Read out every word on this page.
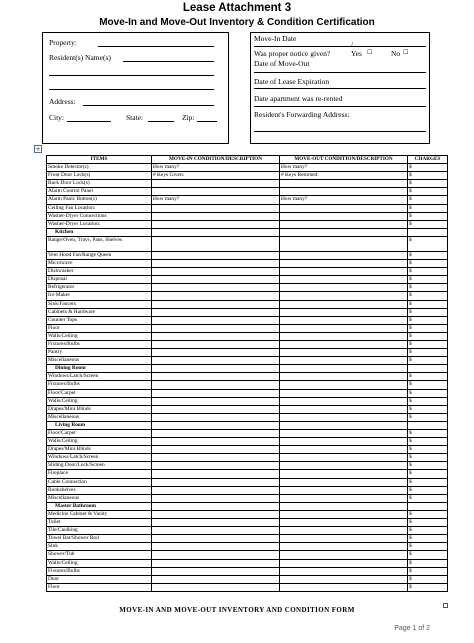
Lease Attachment 3
Move-In and Move-Out Inventory & Condition Certification
Property:
Resident(s) Name(s)
Address:
City:	State:	Zip:
Move-In Date
/
Was proper notice given?	Yes ☐ No ☐
Date of Move-Out
Date of Lease Expiration
Date apartment was re-rented
Resident's Forwarding Address:
+
ITEMS	MOVE-IN CONDITION/DESCRIPTION	MOVE-OUT CONDITION/DESCRIPTION	CHARGES
Smoke Detector(s)	How many?	How many?	$
Front Door Lock(s)	# Keys Given:	# Keys Returned:	$
Back Door Lock(s)			$
Alarm Control Panel			$
Alarm Panic Button(s)	How many?	How many?	$
Ceiling Fan Location:			$
Washer-Dryer Connections			$
Washer-Dryer Location:			$
Kitchen			
Range/Oven, Trays, Pans, Shelves			$
Vent Hood Fan/Range Queen			$
Microwave			$
Dishwasher			$
Disposal			$
Refrigerator			$
Ice Maker			$
Sink/Faucets			$
Cabinets & Hardware			$
Counter Tops			$
Floor			$
Walls/Ceiling			$
Fixtures/Bulbs			$
Pantry			$
Miscellaneous			$
Dining Room			
Windows/Latch/Screen			$
Fixtures/Bulbs			$
Floor/Carpet			$
Walls/Ceiling			$
Drapes/Mini Blinds			$
Miscellaneous			$
Living Room			
Floor/Carpet			$
Walls/Ceiling			$
Drapes/Mini Blinds			$
Windows/Latch/Screen			$
Sliding Door/Lock/Screen			$
Fireplace			$
Cable Connection			$
Bookshelves			$
Miscellaneous			$
Master Bathroom			
Medicine Cabinet & Vanity			$
Toilet			$
Tile/Caulking			$
Towel Bar/Shower Rod			$
Sink			$
Shower/Tub			$
Walls/Ceiling			$
Fixtures/Bulbs			$
Door			$
Floor			$
MOVE-IN AND MOVE-OUT INVENTORY AND CONDITION FORM
Page 1 of 2
